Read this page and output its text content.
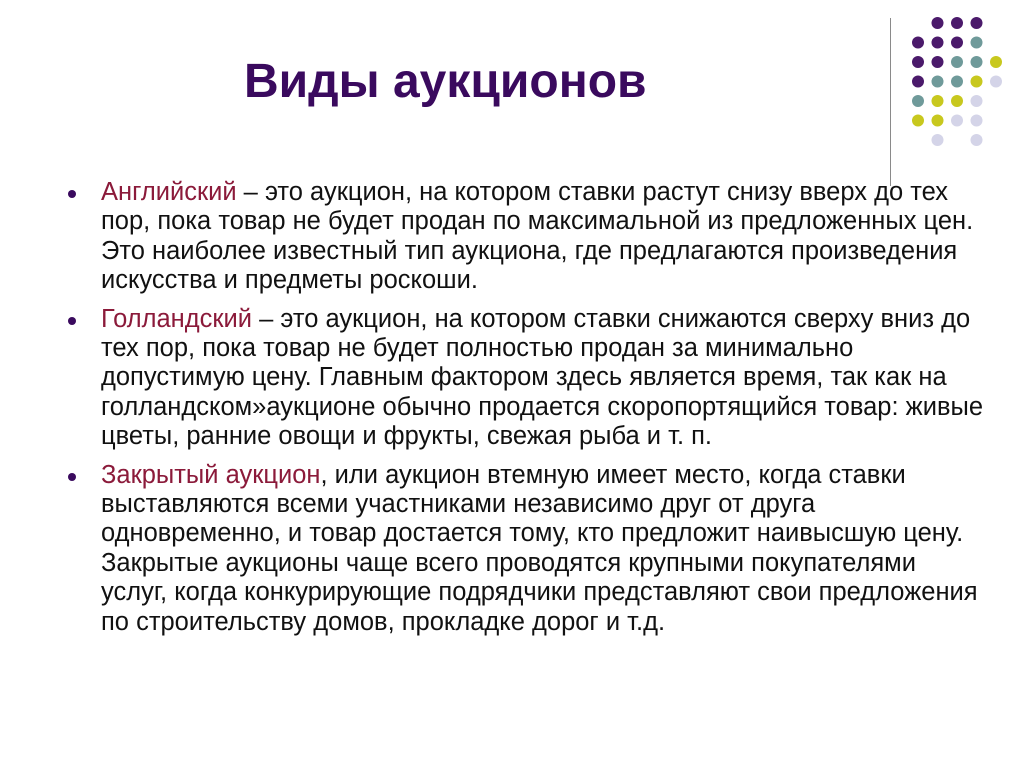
Виды аукционов
Английский – это аукцион, на котором ставки растут снизу вверх до тех пор, пока товар не будет продан по максимальной из предложенных цен. Это наиболее известный тип аукциона, где предлагаются произведения искусства и предметы роскоши.
Голландский – это аукцион, на котором ставки снижаются сверху вниз до тех пор, пока товар не будет полностью продан за минимально допустимую цену. Главным фактором здесь является время, так как на голландском»аукционе обычно продается скоропортящийся товар: живые цветы, ранние овощи и фрукты, свежая рыба и т. п.
Закрытый аукцион, или аукцион втемную имеет место, когда ставки выставляются всеми участниками независимо друг от друга одновременно, и товар достается тому, кто предложит наивысшую цену. Закрытые аукционы чаще всего проводятся крупными покупателями услуг, когда конкурирующие подрядчики представляют свои предложения по строительству домов, прокладке дорог и т.д.
